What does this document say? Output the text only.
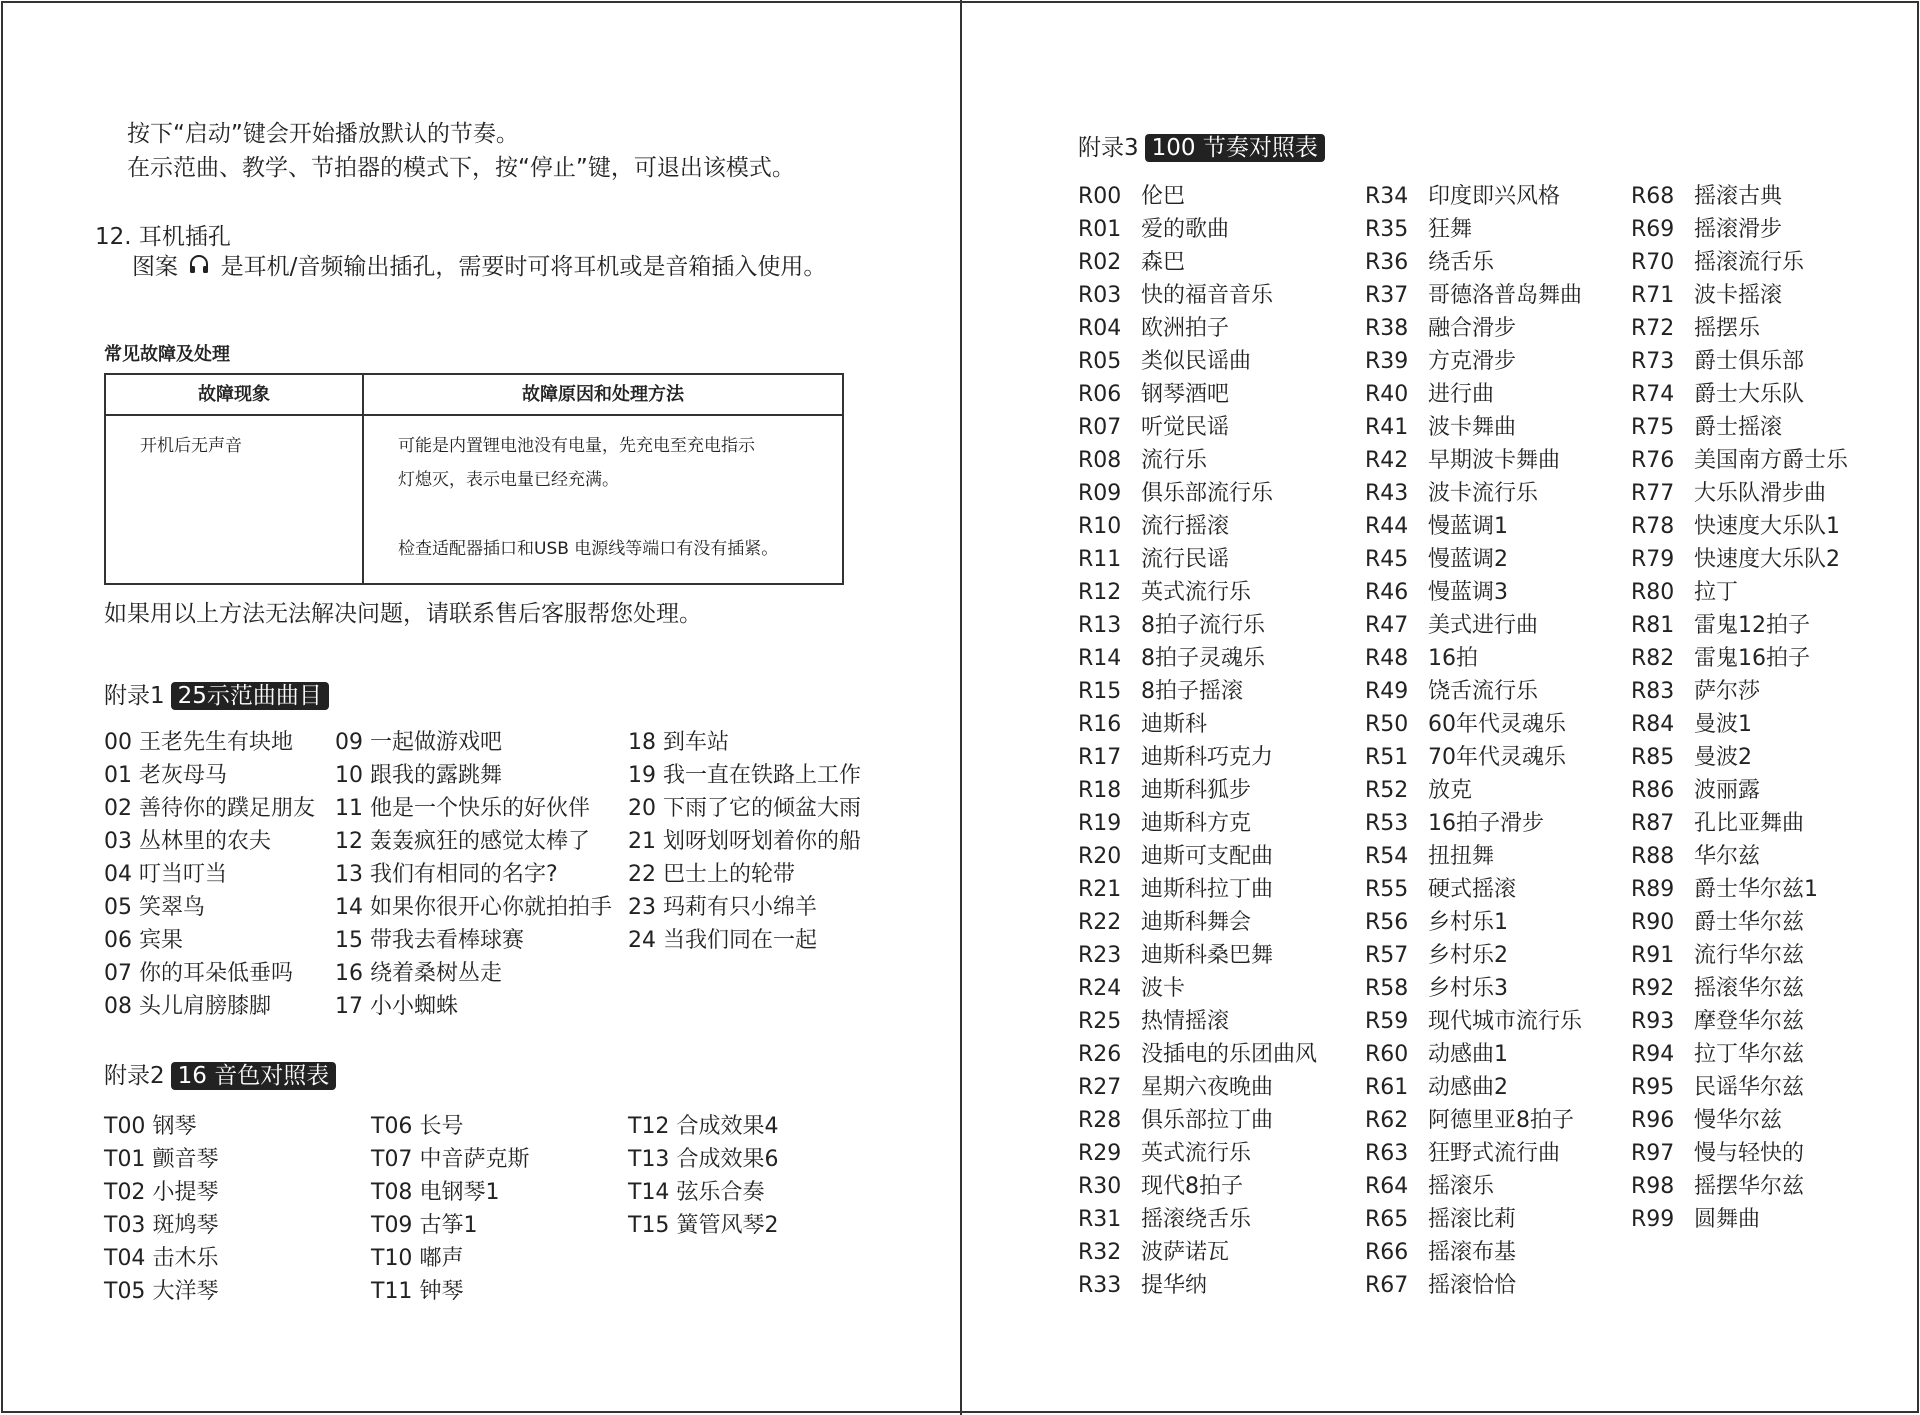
按下“启动”键会开始播放默认的节奏。
在示范曲、教学、节拍器的模式下，按“停止”键，可退出该模式。
12. 耳机插孔
图案 是耳机/音频输出插孔，需要时可将耳机或是音箱插入使用。
常见故障及处理
故障现象	故障原因和处理方法
开机后无声音	可能是内置锂电池没有电量，先充电至充电指示
灯熄灭，表示电量已经充满。
检查适配器插口和USB 电源线等端口有没有插紧。
如果用以上方法无法解决问题，请联系售后客服帮您处理。
附录1 25示范曲曲目
00 王老先生有块地
01 老灰母马
02 善待你的蹼足朋友
03 丛林里的农夫
04 叮当叮当
05 笑翠鸟
06 宾果
07 你的耳朵低垂吗
08 头儿肩膀膝脚
09 一起做游戏吧
10 跟我的露跳舞
11 他是一个快乐的好伙伴
12 轰轰疯狂的感觉太棒了
13 我们有相同的名字?
14 如果你很开心你就拍拍手
15 带我去看棒球赛
16 绕着桑树丛走
17 小小蜘蛛
18 到车站
19 我一直在铁路上工作
20 下雨了它的倾盆大雨
21 划呀划呀划着你的船
22 巴士上的轮带
23 玛莉有只小绵羊
24 当我们同在一起
附录2 16 音色对照表
T00 钢琴
T01 颤音琴
T02 小提琴
T03 斑鸠琴
T04 击木乐
T05 大洋琴
T06 长号
T07 中音萨克斯
T08 电钢琴1
T09 古筝1
T10 嘟声
T11 钟琴
T12 合成效果4
T13 合成效果6
T14 弦乐合奏
T15 簧管风琴2
附录3 100 节奏对照表
R00 伦巴
R01 爱的歌曲
R02 森巴
R03 快的福音音乐
R04 欧洲拍子
R05 类似民谣曲
R06 钢琴酒吧
R07 听觉民谣
R08 流行乐
R09 俱乐部流行乐
R10 流行摇滚
R11 流行民谣
R12 英式流行乐
R13 8拍子流行乐
R14 8拍子灵魂乐
R15 8拍子摇滚
R16 迪斯科
R17 迪斯科巧克力
R18 迪斯科狐步
R19 迪斯科方克
R20 迪斯可支配曲
R21 迪斯科拉丁曲
R22 迪斯科舞会
R23 迪斯科桑巴舞
R24 波卡
R25 热情摇滚
R26 没插电的乐团曲风
R27 星期六夜晚曲
R28 俱乐部拉丁曲
R29 英式流行乐
R30 现代8拍子
R31 摇滚绕舌乐
R32 波萨诺瓦
R33 提华纳
R34 印度即兴风格
R35 狂舞
R36 绕舌乐
R37 哥德洛普岛舞曲
R38 融合滑步
R39 方克滑步
R40 进行曲
R41 波卡舞曲
R42 早期波卡舞曲
R43 波卡流行乐
R44 慢蓝调1
R45 慢蓝调2
R46 慢蓝调3
R47 美式进行曲
R48 16拍
R49 饶舌流行乐
R50 60年代灵魂乐
R51 70年代灵魂乐
R52 放克
R53 16拍子滑步
R54 扭扭舞
R55 硬式摇滚
R56 乡村乐1
R57 乡村乐2
R58 乡村乐3
R59 现代城市流行乐
R60 动感曲1
R61 动感曲2
R62 阿德里亚8拍子
R63 狂野式流行曲
R64 摇滚乐
R65 摇滚比莉
R66 摇滚布基
R67 摇滚恰恰
R68 摇滚古典
R69 摇滚滑步
R70 摇滚流行乐
R71 波卡摇滚
R72 摇摆乐
R73 爵士俱乐部
R74 爵士大乐队
R75 爵士摇滚
R76 美国南方爵士乐
R77 大乐队滑步曲
R78 快速度大乐队1
R79 快速度大乐队2
R80 拉丁
R81 雷鬼12拍子
R82 雷鬼16拍子
R83 萨尔莎
R84 曼波1
R85 曼波2
R86 波丽露
R87 孔比亚舞曲
R88 华尔兹
R89 爵士华尔兹1
R90 爵士华尔兹
R91 流行华尔兹
R92 摇滚华尔兹
R93 摩登华尔兹
R94 拉丁华尔兹
R95 民谣华尔兹
R96 慢华尔兹
R97 慢与轻快的
R98 摇摆华尔兹
R99 圆舞曲
